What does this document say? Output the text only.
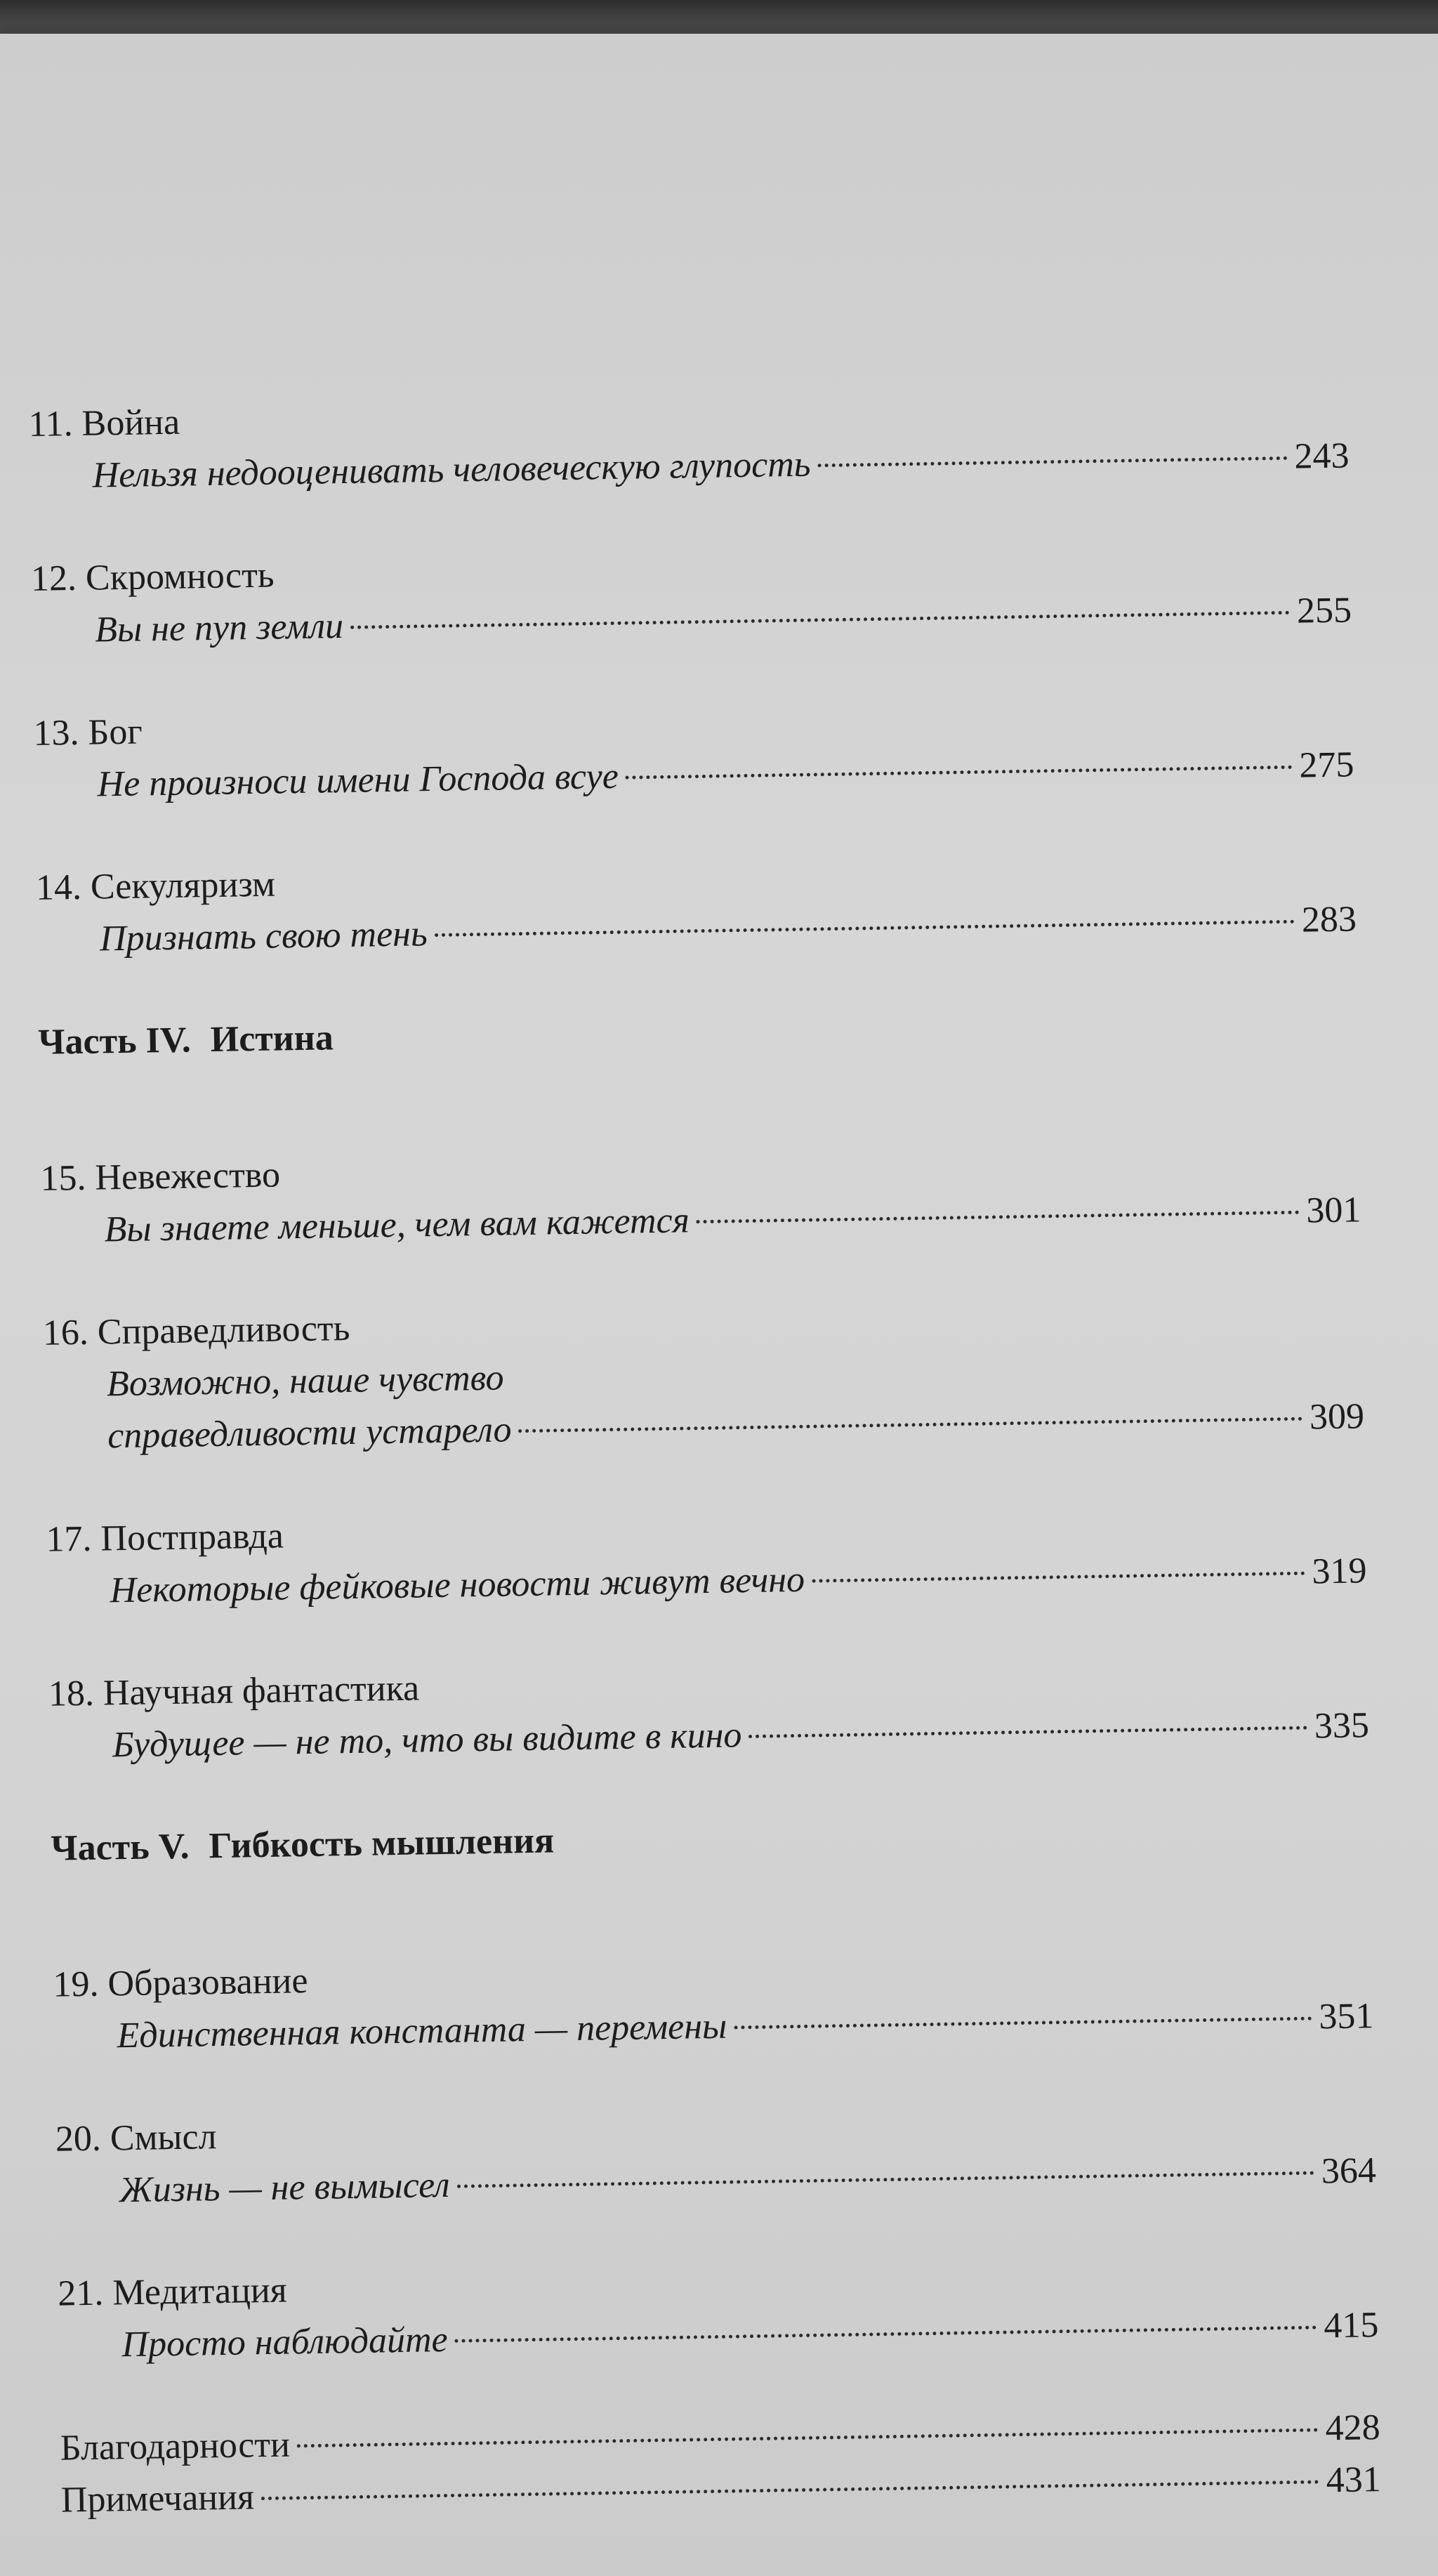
11. Война
Нельзя недооценивать человеческую глупость	243
12. Скромность
Вы не пуп земли	255
13. Бог
Не произноси имени Господа всуе	275
14. Секуляризм
Признать свою тень	283
Часть IV. Истина
15. Невежество
Вы знаете меньше, чем вам кажется	301
16. Справедливость
Возможно, наше чувство
справедливости устарело	309
17. Постправда
Некоторые фейковые новости живут вечно	319
18. Научная фантастика
Будущее — не то, что вы видите в кино	335
Часть V. Гибкость мышления
19. Образование
Единственная константа — перемены	351
20. Смысл
Жизнь — не вымысел	364
21. Медитация
Просто наблюдайте	415
Благодарности	428
Примечания	431
